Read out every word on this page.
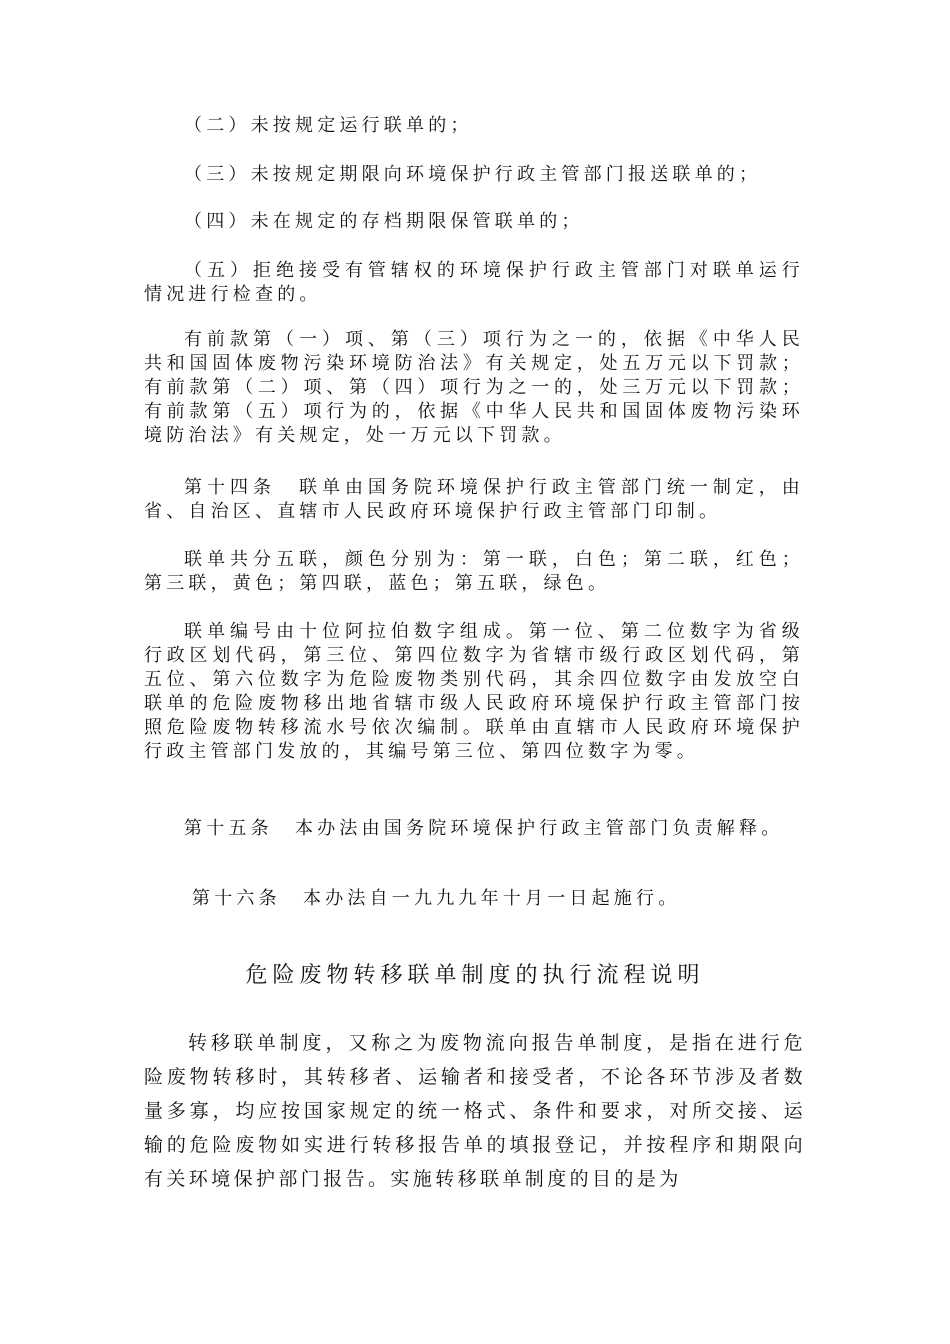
（二）未按规定运行联单的；

（三）未按规定期限向环境保护行政主管部门报送联单的；

（四）未在规定的存档期限保管联单的；

（五）拒绝接受有管辖权的环境保护行政主管部门对联单运行情况进行检查的。

有前款第（一）项、第（三）项行为之一的，依据《中华人民共和国固体废物污染环境防治法》有关规定，处五万元以下罚款；有前款第（二）项、第（四）项行为之一的，处三万元以下罚款；有前款第（五）项行为的，依据《中华人民共和国固体废物污染环境防治法》有关规定，处一万元以下罚款。

第十四条　联单由国务院环境保护行政主管部门统一制定，由省、自治区、直辖市人民政府环境保护行政主管部门印制。

联单共分五联，颜色分别为：第一联，白色；第二联，红色；第三联，黄色；第四联，蓝色；第五联，绿色。

联单编号由十位阿拉伯数字组成。第一位、第二位数字为省级行政区划代码，第三位、第四位数字为省辖市级行政区划代码，第五位、第六位数字为危险废物类别代码，其余四位数字由发放空白联单的危险废物移出地省辖市级人民政府环境保护行政主管部门按照危险废物转移流水号依次编制。联单由直辖市人民政府环境保护行政主管部门发放的，其编号第三位、第四位数字为零。

第十五条　本办法由国务院环境保护行政主管部门负责解释。

第十六条　本办法自一九九九年十月一日起施行。

危险废物转移联单制度的执行流程说明

转移联单制度，又称之为废物流向报告单制度，是指在进行危险废物转移时，其转移者、运输者和接受者，不论各环节涉及者数量多寡，均应按国家规定的统一格式、条件和要求，对所交接、运输的危险废物如实进行转移报告单的填报登记，并按程序和期限向有关环境保护部门报告。实施转移联单制度的目的是为
